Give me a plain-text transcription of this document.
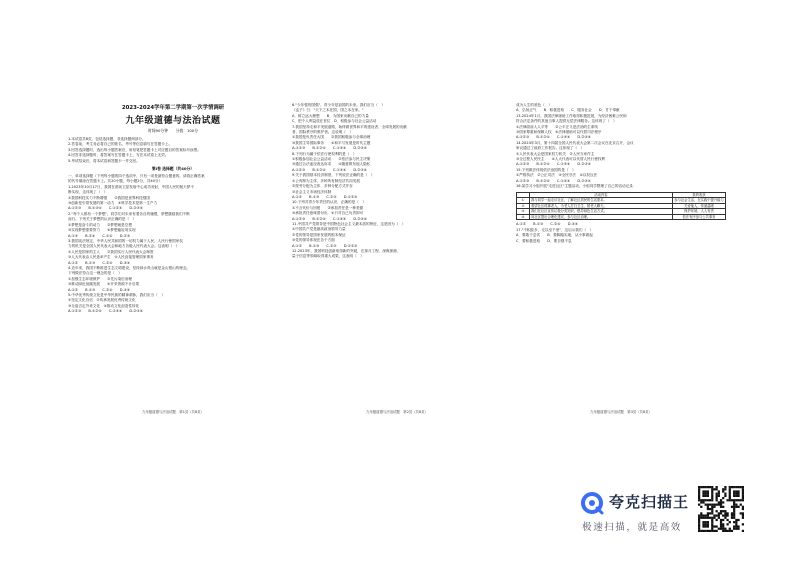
2023-2024学年第二学期第一次学情调研
九年级道德与法治试题
时间90分钟　　分值：100分
1.本试卷共8页，包括选择题、非选择题两部分。
2.答卷前，考生务必将自己的姓名、考号等信息填写在答题卡上。
3.回答选择题时，选出每小题答案后，用铅笔把答题卡上对应题目的答案标号涂黑。
4.回答非选择题时，将答案写在答题卡上，写在本试卷上无效。
5.考试结束后，将本试卷和答题卡一并交回。
第Ⅰ卷 选择题（共40分）
一、单项选择题（下列每小题的四个选项中，只有一项是最符合题意的。请将正确答案
的代号填涂在答题卡上。共20小题，每小题2分，共40分）
1.2023年10月17日，我国在酒泉卫星发射中心成功发射，中国人民的航天梦不
断实现，这体现了（　）
①我国科技实力不断增强　　②我国是世界科技强国
③创新是引领发展的第一动力　④科学技术是第一生产力
A.①②③　　B.①③④　　C.①②④　　D.②③④
2."每个人都有一个梦想"，同学们对未来有着各自的憧憬，梦想激励我们不断
前行。下列关于梦想的认识正确的是（　）
①梦想是奋斗的动力　　②梦想就是空想
③实现梦想需要努力　　④梦想能轻易实现
A.①③　　B.②④　　C.①④　　D.②③
3.我国宪法规定，中华人民共和国的一切权力属于人民，人民行使国家权
力的机关是全国人民代表大会和地方各级人民代表大会。这表明（　）
①人民是国家的主人　　②我国实行人民代表大会制度
③人大代表由人民选举产生　④人民直接管理国家事务
A.①②　　B.①③　　C.②④　　D.③④
4.近年来，我国不断推进生态文明建设，坚持绿水青山就是金山银山的理念。
下列做法符合这一理念的是（　）
①加强生态环境保护　　②先污染后治理
③推动绿色低碳发展　　④开采资源不计后果
A.①②　　B.①③　　C.②④　　D.③④
5.中华优秀传统文化是中华民族的精神命脉，我们应当（　）
①坚定文化自信　②传承发展优秀传统文化
③全盘否定外来文化　④推动文化创造性转化
A.①②③　　B.①②④　　C.①③④　　D.②③④
九年级道德与法治试题　第1页（共8页）
6."少年强则国强"，青少年是祖国的未来。我们应当（　）
《孟子》曰："天下之本在国，国之本在家。"
A．树立远大理想　　B．为国家贡献自己的力量
C．把个人利益放在首位　D．积极参与社会公益活动
7.我国坚持走和平发展道路，始终做世界和平的建设者、全球发展的贡献
者、国际秩序的维护者。这说明（　）
①我国是负责任大国　　②我国积极参与全球治理
③我国主导国际事务　　④和平与发展是时代主题
A.①②③　　B.①②④　　C.①③④　　D.②③④
8.下列行为属于依法行使权利的是（　）
①积极参加社会公益活动　　②依法参与民主决策
③通过合法途径表达诉求　　④随意散布他人隐私
A.①②③　　B.①②④　　C.①③④　　D.②③④
9.关于我国基本经济制度，下列说法正确的是（　）
①公有制为主体、多种所有制经济共同发展
②按劳分配为主体、多种分配方式并存
③社会主义市场经济体制
A.①②　　B.①③　　C.②③　　D.①②③
10.下列对青少年责任的认识，正确的是（　）
①不言代价与回报　　②承担责任是一种美德
③承担责任意味着付出　④只对自己负责即可
A.①②③　　B.①②④　　C.①③④　　D.②③④
11.中国共产党领导是中国特色社会主义最本质的特征，这是因为（　）
①中国共产党是最高政治领导力量
②党的领导是国家发展的根本保证
③党的领导体现在各个方面
A.①②　　B.①③　　C.②③　　D.①②③
12.2023年，我国科技创新取得新的突破，在探月工程、深海探测、
量子信息等领域取得重大成果，这表明（　）
九年级道德与法治试题　第2页（共8页）
成为人生的底色（　）
A．弘扬正气　　B．积极进取　　C．服务社会　　D．甘于奉献
13.2024年1月，我国法律援助工作取得积极进展，为经济困难公民和
符合法定条件的其他当事人提供无偿法律服务。这体现了（　）
①法律面前人人平等　　②公平正义是法治的生命线
③国家尊重和保障人权　④法律援助可以代替司法程序
A.①②③　　B.①②④　　C.①③④　　D.②③④
14.2024年3月，第十四届全国人民代表大会第二次会议在北京召开，会议
审议通过了政府工作报告。这体现了（　）
①人民代表大会是国家权力机关　②人民当家作主
③全过程人民民主　　④人大代表可以代替人民行使权利
A.①②③　　B.①②④　　C.①③④　　D.②③④
15.下列做法体现依法治国的是（　）
①严格执法　②公正司法　③全民守法　④以权压法
A.①②③　　B.①②④　　C.①③④　　D.②③④
16.某学习小组开展"走进社区"主题活动，小组同学整理了自己的活动记录：
	活动内容	我的收获
①	我与同学一起走访社区，了解社区居民的生活需求。	参与社会生活，在实践中提升能力
②	看望社区孤寡老人，为老人打扫卫生、陪老人聊天。	关爱他人，传递温暖
③	我们在社区宣传垃圾分类知识，倡导绿色生活方式。	保护环境，人人有责
④	向社区提出合理化建议，参与社区治理。	依法有序参与公共事务
A.①②　　B.①③　　C.②④　　D.③④
17."不积跬步，无以至千里"，这启示我们（　）
A．要敢于尝试　　B．要脚踏实地，从小事做起
C．要积极进取　　D．要自强不息
九年级道德与法治试题　第3页（共8页）
夸克扫描王
极速扫描，就是高效
